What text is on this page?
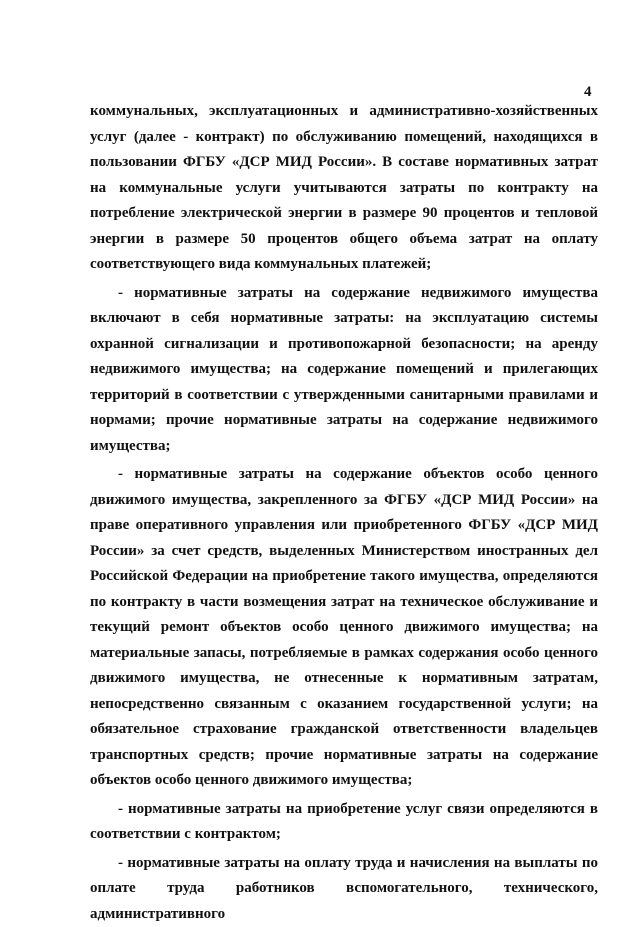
4

коммунальных, эксплуатационных и административно-хозяйственных услуг (далее - контракт) по обслуживанию помещений, находящихся в пользовании ФГБУ «ДСР МИД России». В составе нормативных затрат на коммунальные услуги учитываются затраты по контракту на потребление электрической энергии в размере 90 процентов и тепловой энергии в размере 50 процентов общего объема затрат на оплату соответствующего вида коммунальных платежей;

- нормативные затраты на содержание недвижимого имущества включают в себя нормативные затраты: на эксплуатацию системы охранной сигнализации и противопожарной безопасности; на аренду недвижимого имущества; на содержание помещений и прилегающих территорий в соответствии с утвержденными санитарными правилами и нормами; прочие нормативные затраты на содержание недвижимого имущества;

- нормативные затраты на содержание объектов особо ценного движимого имущества, закрепленного за ФГБУ «ДСР МИД России» на праве оперативного управления или приобретенного ФГБУ «ДСР МИД России» за счет средств, выделенных Министерством иностранных дел Российской Федерации на приобретение такого имущества, определяются по контракту в части возмещения затрат на техническое обслуживание и текущий ремонт объектов особо ценного движимого имущества; на материальные запасы, потребляемые в рамках содержания особо ценного движимого имущества, не отнесенные к нормативным затратам, непосредственно связанным с оказанием государственной услуги; на обязательное страхование гражданской ответственности владельцев транспортных средств; прочие нормативные затраты на содержание объектов особо ценного движимого имущества;

- нормативные затраты на приобретение услуг связи определяются в соответствии с контрактом;

- нормативные затраты на оплату труда и начисления на выплаты по оплате труда работников вспомогательного, технического, административного
